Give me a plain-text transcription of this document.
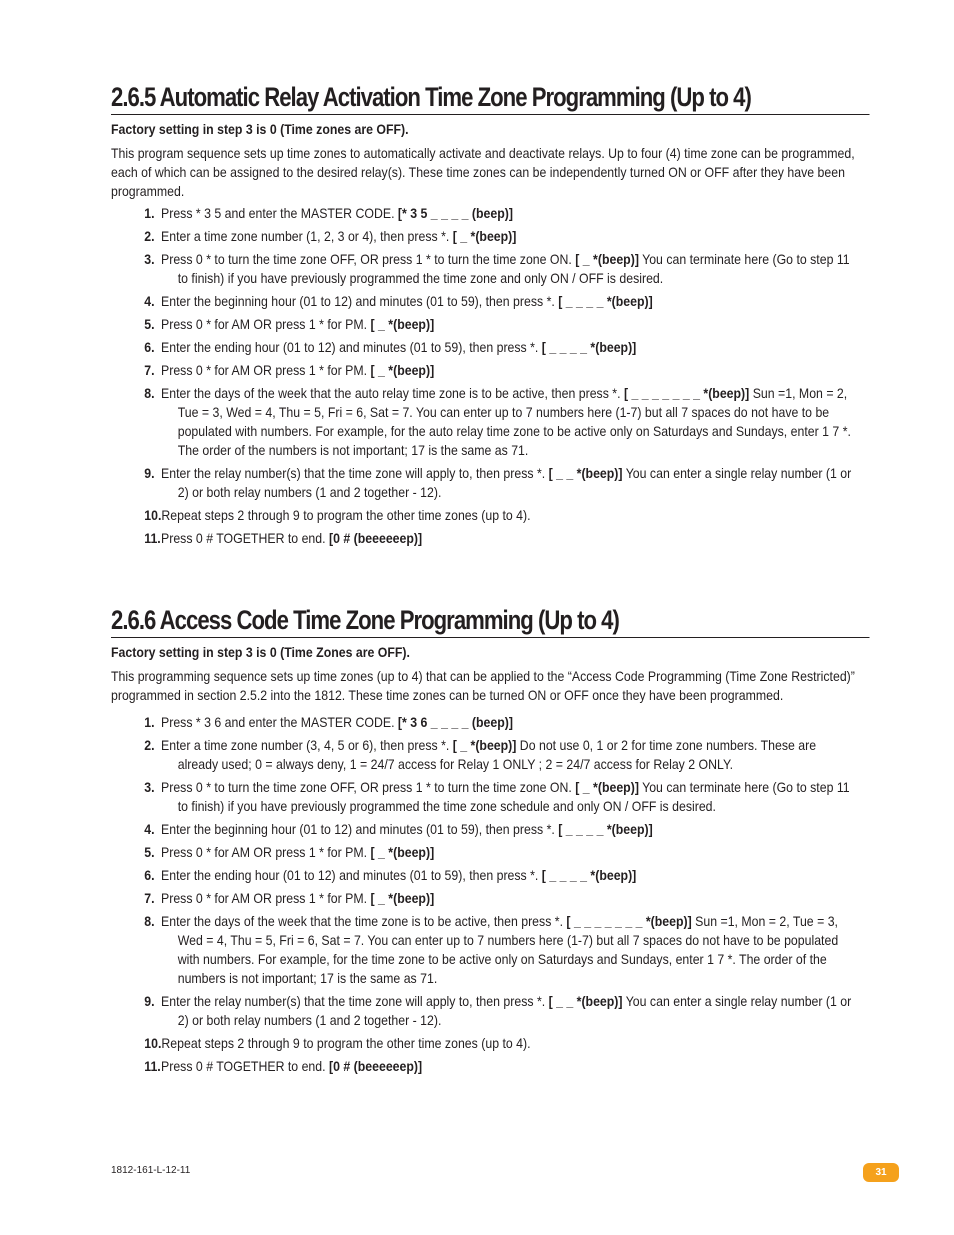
2.6.5 Automatic Relay Activation Time Zone Programming (Up to 4)
Factory setting in step 3 is 0 (Time zones are OFF).
This program sequence sets up time zones to automatically activate and deactivate relays. Up to four (4) time zone can be programmed, each of which can be assigned to the desired relay(s). These time zones can be independently turned ON or OFF after they have been programmed.
1.Press * 3 5 and enter the MASTER CODE. [* 3 5 _ _ _ _ (beep)]
2.Enter a time zone number (1, 2, 3 or 4), then press *. [ _ *(beep)]
3.Press 0 * to turn the time zone OFF, OR press 1 * to turn the time zone ON. [ _ *(beep)] You can terminate here (Go to step 11 to finish) if you have previously programmed the time zone and only ON / OFF is desired.
4.Enter the beginning hour (01 to 12) and minutes (01 to 59), then press *. [ _ _ _ _ *(beep)]
5.Press 0 * for AM OR press 1 * for PM. [ _ *(beep)]
6.Enter the ending hour (01 to 12) and minutes (01 to 59), then press *. [ _ _ _ _ *(beep)]
7.Press 0 * for AM OR press 1 * for PM. [ _ *(beep)]
8.Enter the days of the week that the auto relay time zone is to be active, then press *. [ _ _ _ _ _ _ _ *(beep)] Sun =1, Mon = 2, Tue = 3, Wed = 4, Thu = 5, Fri = 6, Sat = 7. You can enter up to 7 numbers here (1-7) but all 7 spaces do not have to be populated with numbers. For example, for the auto relay time zone to be active only on Saturdays and Sundays, enter 1 7 *. The order of the numbers is not important; 17 is the same as 71.
9.Enter the relay number(s) that the time zone will apply to, then press *. [ _ _ *(beep)] You can enter a single relay number (1 or 2) or both relay numbers (1 and 2 together - 12).
10.Repeat steps 2 through 9 to program the other time zones (up to 4).
11.Press 0 # TOGETHER to end. [0 # (beeeeeep)]
2.6.6 Access Code Time Zone Programming (Up to 4)
Factory setting in step 3 is 0 (Time Zones are OFF).
This programming sequence sets up time zones (up to 4) that can be applied to the “Access Code Programming (Time Zone Restricted)” programmed in section 2.5.2 into the 1812. These time zones can be turned ON or OFF once they have been programmed.
1.Press * 3 6 and enter the MASTER CODE. [* 3 6 _ _ _ _ (beep)]
2.Enter a time zone number (3, 4, 5 or 6), then press *. [ _ *(beep)] Do not use 0, 1 or 2 for time zone numbers. These are already used; 0 = always deny, 1 = 24/7 access for Relay 1 ONLY ; 2 = 24/7 access for Relay 2 ONLY.
3.Press 0 * to turn the time zone OFF, OR press 1 * to turn the time zone ON. [ _ *(beep)] You can terminate here (Go to step 11 to finish) if you have previously programmed the time zone schedule and only ON / OFF is desired.
4.Enter the beginning hour (01 to 12) and minutes (01 to 59), then press *. [ _ _ _ _ *(beep)]
5.Press 0 * for AM OR press 1 * for PM. [ _ *(beep)]
6.Enter the ending hour (01 to 12) and minutes (01 to 59), then press *. [ _ _ _ _ *(beep)]
7.Press 0 * for AM OR press 1 * for PM. [ _ *(beep)]
8.Enter the days of the week that the time zone is to be active, then press *. [ _ _ _ _ _ _ _ *(beep)] Sun =1, Mon = 2, Tue = 3, Wed = 4, Thu = 5, Fri = 6, Sat = 7. You can enter up to 7 numbers here (1-7) but all 7 spaces do not have to be populated with numbers. For example, for the time zone to be active only on Saturdays and Sundays, enter 1 7 *. The order of the numbers is not important; 17 is the same as 71.
9.Enter the relay number(s) that the time zone will apply to, then press *. [ _ _ *(beep)] You can enter a single relay number (1 or 2) or both relay numbers (1 and 2 together - 12).
10.Repeat steps 2 through 9 to program the other time zones (up to 4).
11.Press 0 # TOGETHER to end. [0 # (beeeeeep)]
1812-161-L-12-11	31
